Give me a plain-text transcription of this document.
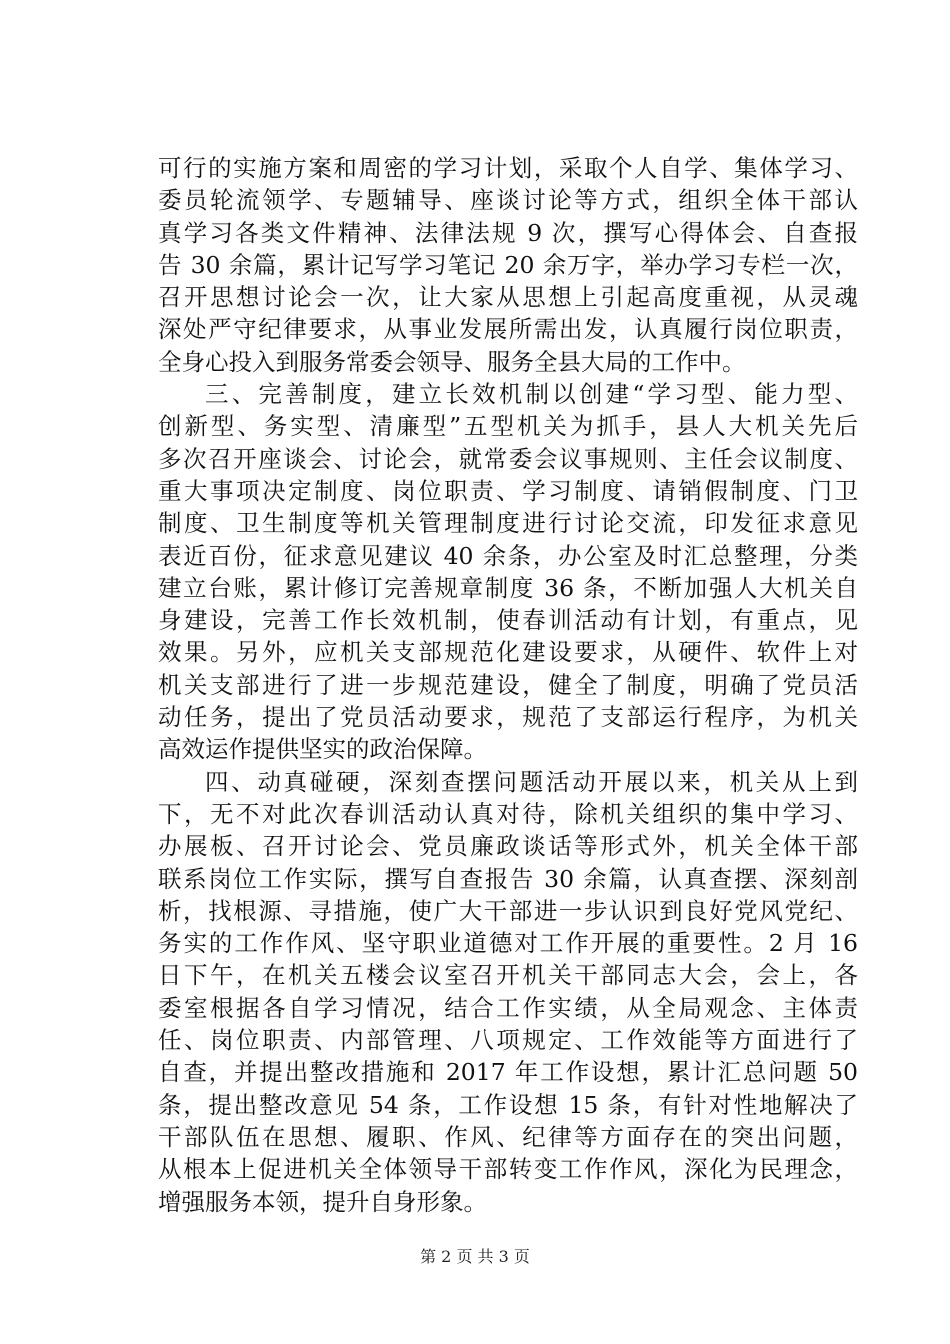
可行的实施方案和周密的学习计划，采取个人自学、集体学习、
委员轮流领学、专题辅导、座谈讨论等方式，组织全体干部认
真学习各类文件精神、法律法规 9 次，撰写心得体会、自查报
告 30 余篇，累计记写学习笔记 20 余万字，举办学习专栏一次，
召开思想讨论会一次，让大家从思想上引起高度重视，从灵魂
深处严守纪律要求，从事业发展所需出发，认真履行岗位职责，
全身心投入到服务常委会领导、服务全县大局的工作中。
三、完善制度，建立长效机制以创建“学习型、能力型、
创新型、务实型、清廉型”五型机关为抓手，县人大机关先后
多次召开座谈会、讨论会，就常委会议事规则、主任会议制度、
重大事项决定制度、岗位职责、学习制度、请销假制度、门卫
制度、卫生制度等机关管理制度进行讨论交流，印发征求意见
表近百份，征求意见建议 40 余条，办公室及时汇总整理，分类
建立台账，累计修订完善规章制度 36 条，不断加强人大机关自
身建设，完善工作长效机制，使春训活动有计划，有重点，见
效果。另外，应机关支部规范化建设要求，从硬件、软件上对
机关支部进行了进一步规范建设，健全了制度，明确了党员活
动任务，提出了党员活动要求，规范了支部运行程序，为机关
高效运作提供坚实的政治保障。
四、动真碰硬，深刻查摆问题活动开展以来，机关从上到
下，无不对此次春训活动认真对待，除机关组织的集中学习、
办展板、召开讨论会、党员廉政谈话等形式外，机关全体干部
联系岗位工作实际，撰写自查报告 30 余篇，认真查摆、深刻剖
析，找根源、寻措施，使广大干部进一步认识到良好党风党纪、
务实的工作作风、坚守职业道德对工作开展的重要性。2 月 16
日下午，在机关五楼会议室召开机关干部同志大会，会上，各
委室根据各自学习情况，结合工作实绩，从全局观念、主体责
任、岗位职责、内部管理、八项规定、工作效能等方面进行了
自查，并提出整改措施和 2017 年工作设想，累计汇总问题 50
条，提出整改意见 54 条，工作设想 15 条，有针对性地解决了
干部队伍在思想、履职、作风、纪律等方面存在的突出问题，
从根本上促进机关全体领导干部转变工作作风，深化为民理念，
增强服务本领，提升自身形象。
第 2 页 共 3 页
